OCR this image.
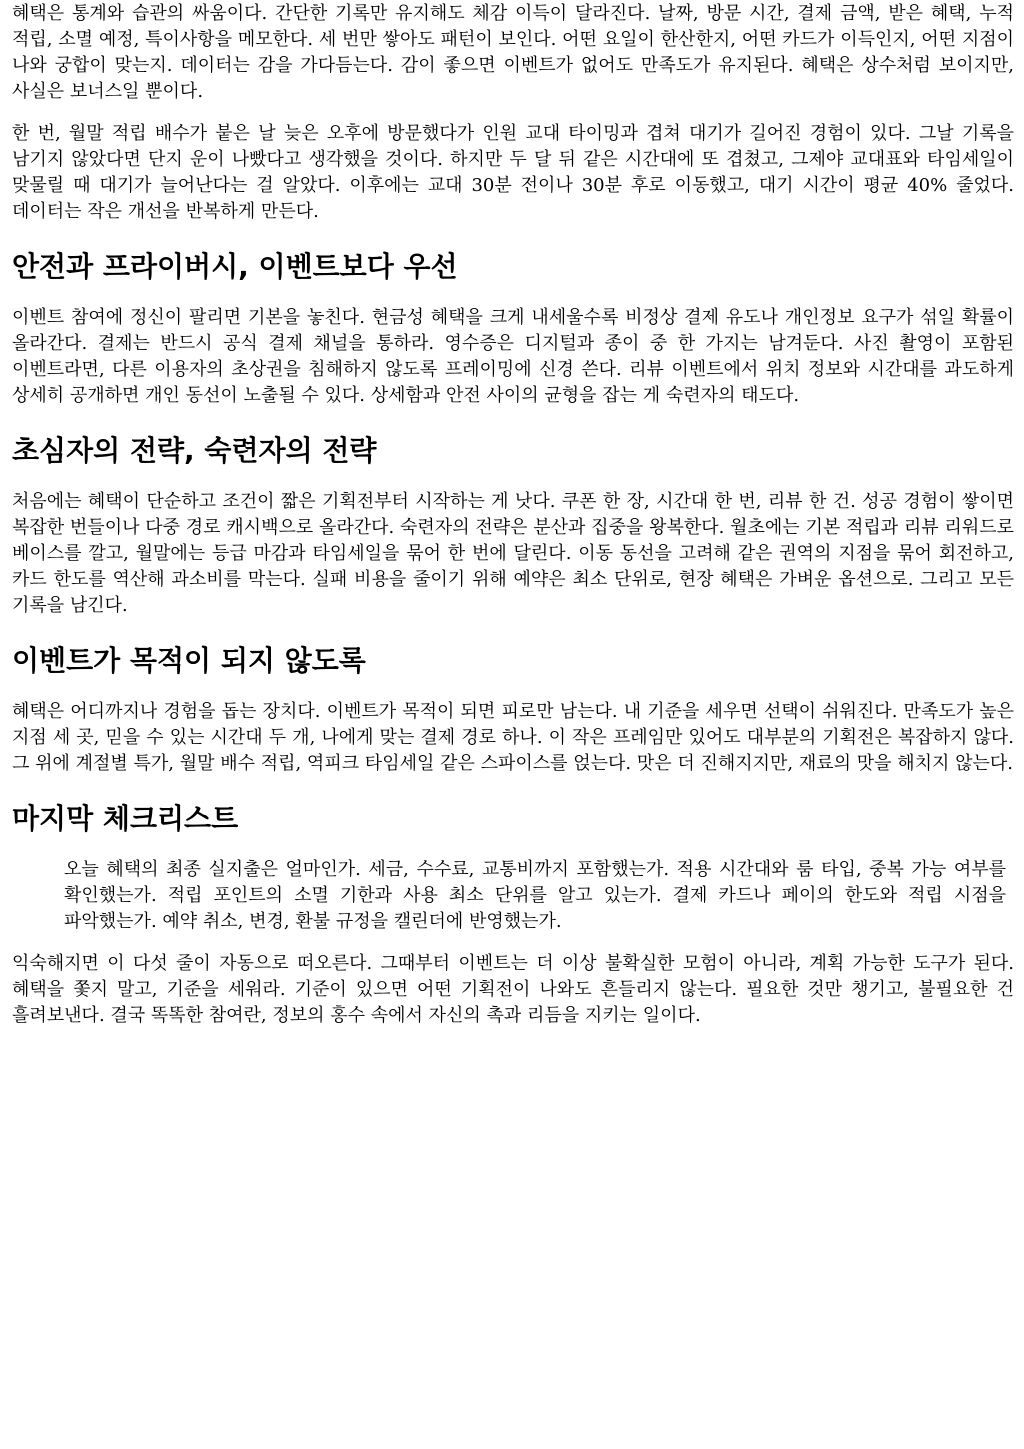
혜택은 통계와 습관의 싸움이다. 간단한 기록만 유지해도 체감 이득이 달라진다. 날짜, 방문 시간, 결제 금액, 받은 혜택, 누적 적립, 소멸 예정, 특이사항을 메모한다. 세 번만 쌓아도 패턴이 보인다. 어떤 요일이 한산한지, 어떤 카드가 이득인지, 어떤 지점이 나와 궁합이 맞는지. 데이터는 감을 가다듬는다. 감이 좋으면 이벤트가 없어도 만족도가 유지된다. 혜택은 상수처럼 보이지만, 사실은 보너스일 뿐이다.

한 번, 월말 적립 배수가 붙은 날 늦은 오후에 방문했다가 인원 교대 타이밍과 겹쳐 대기가 길어진 경험이 있다. 그날 기록을 남기지 않았다면 단지 운이 나빴다고 생각했을 것이다. 하지만 두 달 뒤 같은 시간대에 또 겹쳤고, 그제야 교대표와 타임세일이 맞물릴 때 대기가 늘어난다는 걸 알았다. 이후에는 교대 30분 전이나 30분 후로 이동했고, 대기 시간이 평균 40% 줄었다. 데이터는 작은 개선을 반복하게 만든다.

안전과 프라이버시, 이벤트보다 우선

이벤트 참여에 정신이 팔리면 기본을 놓친다. 현금성 혜택을 크게 내세울수록 비정상 결제 유도나 개인정보 요구가 섞일 확률이 올라간다. 결제는 반드시 공식 결제 채널을 통하라. 영수증은 디지털과 종이 중 한 가지는 남겨둔다. 사진 촬영이 포함된 이벤트라면, 다른 이용자의 초상권을 침해하지 않도록 프레이밍에 신경 쓴다. 리뷰 이벤트에서 위치 정보와 시간대를 과도하게 상세히 공개하면 개인 동선이 노출될 수 있다. 상세함과 안전 사이의 균형을 잡는 게 숙련자의 태도다.

초심자의 전략, 숙련자의 전략

처음에는 혜택이 단순하고 조건이 짧은 기획전부터 시작하는 게 낫다. 쿠폰 한 장, 시간대 한 번, 리뷰 한 건. 성공 경험이 쌓이면 복잡한 번들이나 다중 경로 캐시백으로 올라간다. 숙련자의 전략은 분산과 집중을 왕복한다. 월초에는 기본 적립과 리뷰 리워드로 베이스를 깔고, 월말에는 등급 마감과 타임세일을 묶어 한 번에 달린다. 이동 동선을 고려해 같은 권역의 지점을 묶어 회전하고, 카드 한도를 역산해 과소비를 막는다. 실패 비용을 줄이기 위해 예약은 최소 단위로, 현장 혜택은 가벼운 옵션으로. 그리고 모든 기록을 남긴다.

이벤트가 목적이 되지 않도록

혜택은 어디까지나 경험을 돕는 장치다. 이벤트가 목적이 되면 피로만 남는다. 내 기준을 세우면 선택이 쉬워진다. 만족도가 높은 지점 세 곳, 믿을 수 있는 시간대 두 개, 나에게 맞는 결제 경로 하나. 이 작은 프레임만 있어도 대부분의 기획전은 복잡하지 않다. 그 위에 계절별 특가, 월말 배수 적립, 역피크 타임세일 같은 스파이스를 얹는다. 맛은 더 진해지지만, 재료의 맛을 해치지 않는다.

마지막 체크리스트

오늘 혜택의 최종 실지출은 얼마인가. 세금, 수수료, 교통비까지 포함했는가. 적용 시간대와 룸 타입, 중복 가능 여부를 확인했는가. 적립 포인트의 소멸 기한과 사용 최소 단위를 알고 있는가. 결제 카드나 페이의 한도와 적립 시점을 파악했는가. 예약 취소, 변경, 환불 규정을 캘린더에 반영했는가.

익숙해지면 이 다섯 줄이 자동으로 떠오른다. 그때부터 이벤트는 더 이상 불확실한 모험이 아니라, 계획 가능한 도구가 된다. 혜택을 쫓지 말고, 기준을 세워라. 기준이 있으면 어떤 기획전이 나와도 흔들리지 않는다. 필요한 것만 챙기고, 불필요한 건 흘려보낸다. 결국 똑똑한 참여란, 정보의 홍수 속에서 자신의 촉과 리듬을 지키는 일이다.
